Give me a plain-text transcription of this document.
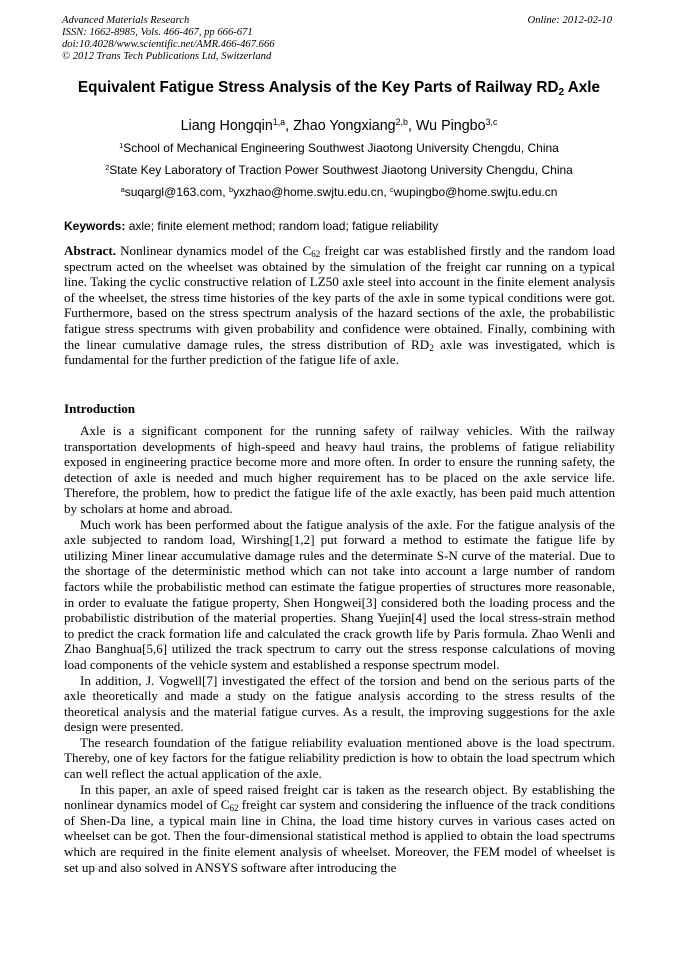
Advanced Materials Research
ISSN: 1662-8985, Vols. 466-467, pp 666-671
doi:10.4028/www.scientific.net/AMR.466-467.666
© 2012 Trans Tech Publications Ltd, Switzerland
Online: 2012-02-10
Equivalent Fatigue Stress Analysis of the Key Parts of Railway $RD_2$ Axle
Liang Hongqin$^{1,a}$, Zhao Yongxiang$^{2,b}$, Wu Pingbo$^{3,c}$
$^1$School of Mechanical Engineering Southwest Jiaotong University Chengdu, China
$^2$State Key Laboratory of Traction Power Southwest Jiaotong University Chengdu, China
$^a$suqargl@163.com, $^b$yxzhao@home.swjtu.edu.cn, $^c$wupingbo@home.swjtu.edu.cn
Keywords: axle; finite element method; random load; fatigue reliability

Abstract. Nonlinear dynamics model of the $C_{62}$ freight car was established firstly and the random load spectrum acted on the wheelset was obtained by the simulation of the freight car running on a typical line. Taking the cyclic constructive relation of LZ50 axle steel into account in the finite element analysis of the wheelset, the stress time histories of the key parts of the axle in some typical conditions were got. Furthermore, based on the stress spectrum analysis of the hazard sections of the axle, the probabilistic fatigue stress spectrums with given probability and confidence were obtained. Finally, combining with the linear cumulative damage rules, the stress distribution of $RD_2$ axle was investigated, which is fundamental for the further prediction of the fatigue life of axle.

Introduction

Axle is a significant component for the running safety of railway vehicles. With the railway transportation developments of high-speed and heavy haul trains, the problems of fatigue reliability exposed in engineering practice become more and more often. In order to ensure the running safety, the detection of axle is needed and much higher requirement has to be placed on the axle service life. Therefore, the problem, how to predict the fatigue life of the axle exactly, has been paid much attention by scholars at home and abroad.

Much work has been performed about the fatigue analysis of the axle. For the fatigue analysis of the axle subjected to random load, Wirshing[1,2] put forward a method to estimate the fatigue life by utilizing Miner linear accumulative damage rules and the determinate S-N curve of the material. Due to the shortage of the deterministic method which can not take into account a large number of random factors while the probabilistic method can estimate the fatigue properties of structures more reasonable, in order to evaluate the fatigue property, Shen Hongwei[3] considered both the loading process and the probabilistic distribution of the material properties. Shang Yuejin[4] used the local stress-strain method to predict the crack formation life and calculated the crack growth life by Paris formula. Zhao Wenli and Zhao Banghua[5,6] utilized the track spectrum to carry out the stress response calculations of moving load components of the vehicle system and established a response spectrum model.

In addition, J. Vogwell[7] investigated the effect of the torsion and bend on the serious parts of the axle theoretically and made a study on the fatigue analysis according to the stress results of the theoretical analysis and the material fatigue curves. As a result, the improving suggestions for the axle design were presented.

The research foundation of the fatigue reliability evaluation mentioned above is the load spectrum. Thereby, one of key factors for the fatigue reliability prediction is how to obtain the load spectrum which can well reflect the actual application of the axle.

In this paper, an axle of speed raised freight car is taken as the research object. By establishing the nonlinear dynamics model of $C_{62}$ freight car system and considering the influence of the track conditions of Shen-Da line, a typical main line in China, the load time history curves in various cases acted on wheelset can be got. Then the four-dimensional statistical method is applied to obtain the load spectrums which are required in the finite element analysis of wheelset. Moreover, the FEM model of wheelset is set up and also solved in ANSYS software after introducing the
